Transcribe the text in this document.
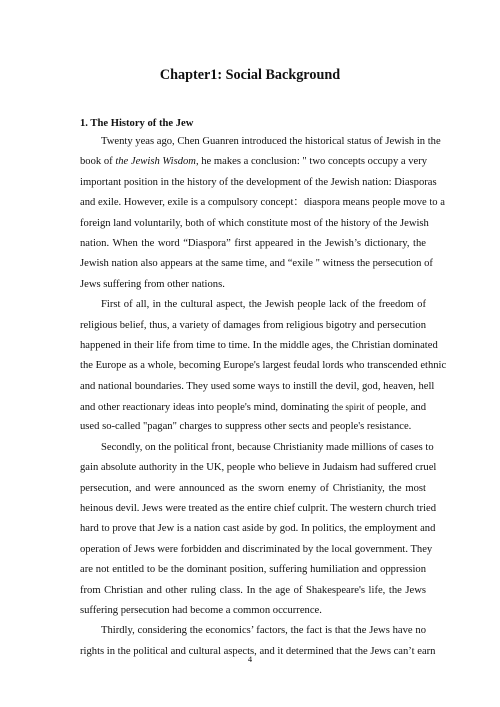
Chapter1: Social Background
1. The History of the Jew
Twenty yeas ago, Chen Guanren introduced the historical status of Jewish in the
book of the Jewish Wisdom, he makes a conclusion: " two concepts occupy a very
important position in the history of the development of the Jewish nation: Diasporas
and exile. However, exile is a compulsory concept：diaspora means people move to a
foreign land voluntarily, both of which constitute most of the history of the Jewish
nation. When the word “Diaspora” first appeared in the Jewish’s dictionary, the
Jewish nation also appears at the same time, and “exile " witness the persecution of
Jews suffering from other nations.
First of all, in the cultural aspect, the Jewish people lack of the freedom of
religious belief, thus, a variety of damages from religious bigotry and persecution
happened in their life from time to time. In the middle ages, the Christian dominated
the Europe as a whole, becoming Europe's largest feudal lords who transcended ethnic
and national boundaries. They used some ways to instill the devil, god, heaven, hell
and other reactionary ideas into people's mind, dominating the spirit of people, and
used so-called "pagan" charges to suppress other sects and people's resistance.
Secondly, on the political front, because Christianity made millions of cases to
gain absolute authority in the UK, people who believe in Judaism had suffered cruel
persecution, and were announced as the sworn enemy of Christianity, the most
heinous devil. Jews were treated as the entire chief culprit. The western church tried
hard to prove that Jew is a nation cast aside by god. In politics, the employment and
operation of Jews were forbidden and discriminated by the local government. They
are not entitled to be the dominant position, suffering humiliation and oppression
from Christian and other ruling class. In the age of Shakespeare's life, the Jews
suffering persecution had become a common occurrence.
Thirdly, considering the economics’ factors, the fact is that the Jews have no
rights in the political and cultural aspects, and it determined that the Jews can’t earn
4
